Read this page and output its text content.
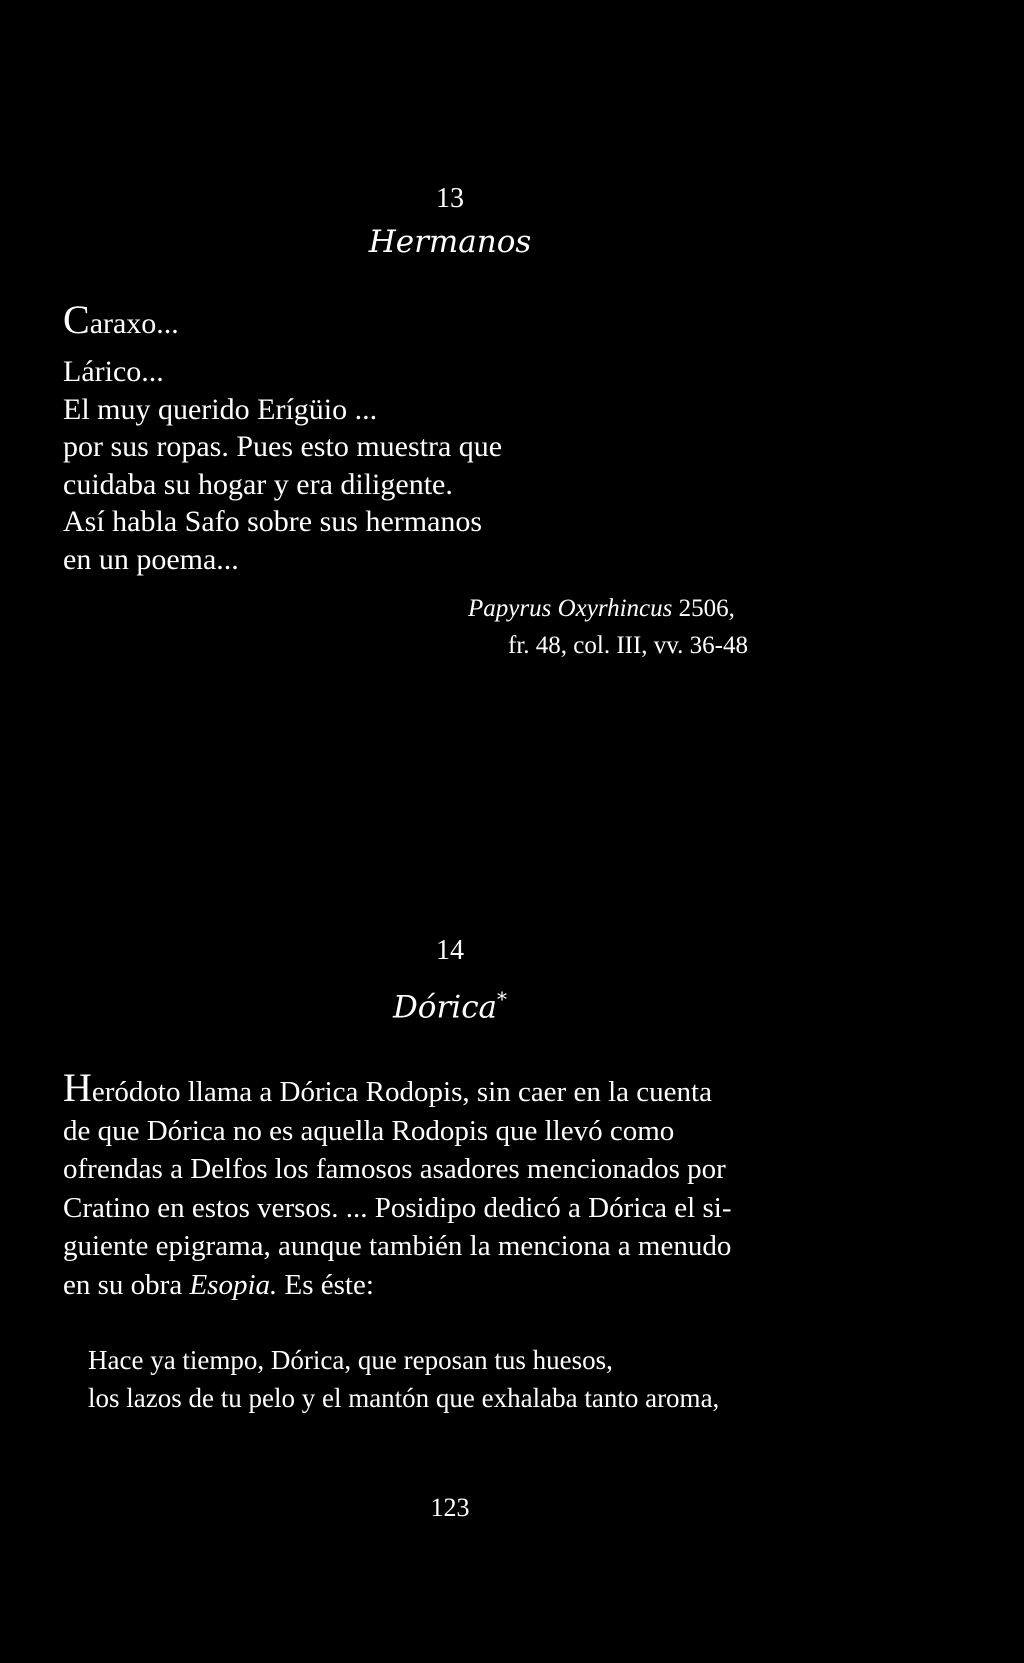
13
Hermanos
Caraxo...
Lárico...
El muy querido Erígüio ...
por sus ropas. Pues esto muestra que
cuidaba su hogar y era diligente.
Así habla Safo sobre sus hermanos
en un poema...
Papyrus Oxyrhincus 2506,
fr. 48, col. III, vv. 36-48
14
Dórica*
Heródoto llama a Dórica Rodopis, sin caer en la cuenta
de que Dórica no es aquella Rodopis que llevó como
ofrendas a Delfos los famosos asadores mencionados por
Cratino en estos versos. ... Posidipo dedicó a Dórica el si-
guiente epigrama, aunque también la menciona a menudo
en su obra Esopia. Es éste:
Hace ya tiempo, Dórica, que reposan tus huesos,
los lazos de tu pelo y el mantón que exhalaba tanto aroma,
123
